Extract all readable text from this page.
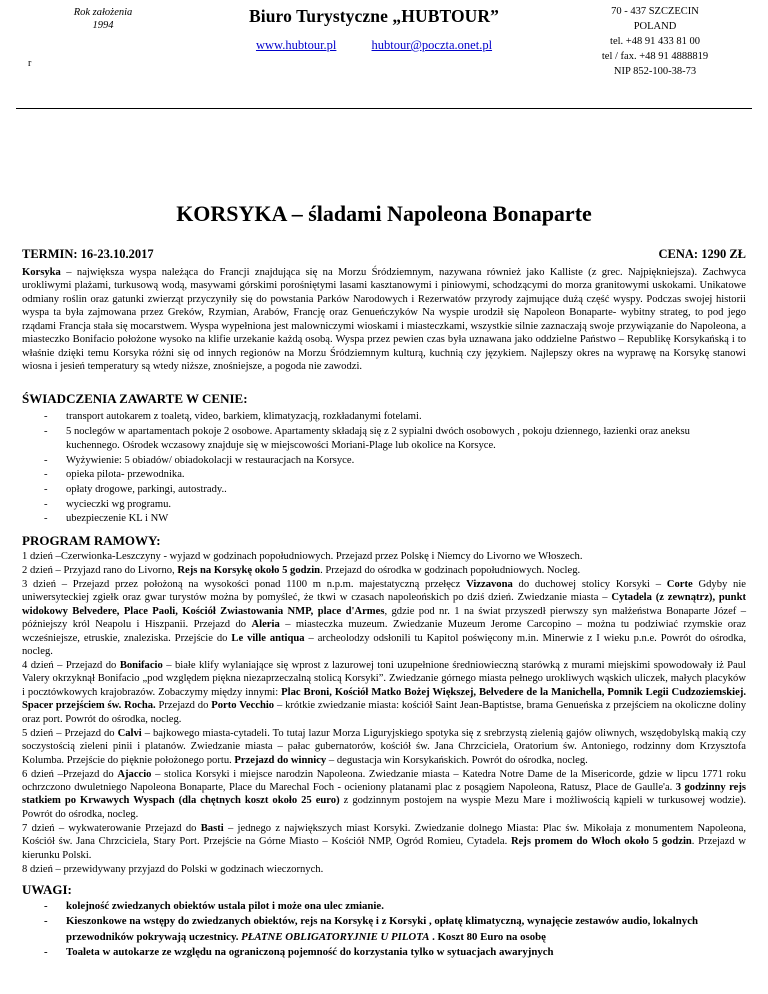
Rok założenia
1994
r
Biuro Turystyczne „HUBTOUR”
www.hubtour.pl	hubtour@poczta.onet.pl
70 - 437 SZCZECIN
POLAND
tel. +48 91 433 81 00
tel / fax. +48 91 4888819
NIP 852-100-38-73
KORSYKA – śladami Napoleona Bonaparte
TERMIN: 16-23.10.2017	CENA: 1290 ZŁ

Korsyka – największa wyspa należąca do Francji znajdująca się na Morzu Śródziemnym, nazywana również jako Kalliste (z grec. Najpiękniejsza). Zachwyca urokliwymi plażami, turkusową wodą, masywami górskimi porośniętymi lasami kasztanowymi i piniowymi, schodzącymi do morza granitowymi uskokami. Unikatowe odmiany roślin oraz gatunki zwierząt przyczyniły się do powstania Parków Narodowych i Rezerwatów przyrody zajmujące dużą część wyspy. Podczas swojej historii wyspa ta była zajmowana przez Greków, Rzymian, Arabów, Francję oraz Genueńczyków Na wyspie urodził się Napoleon Bonaparte- wybitny strateg, to pod jego rządami Francja stała się mocarstwem. Wyspa wypełniona jest malowniczymi wioskami i miasteczkami, wszystkie silnie zaznaczają swoje przywiązanie do Napoleona, a miasteczko Bonifacio położone wysoko na klifie urzekanie każdą osobą. Wyspa przez pewien czas była uznawana jako oddzielne Państwo – Republikę Korsykańską i to właśnie dzięki temu Korsyka różni się od innych regionów na Morzu Śródziemnym kulturą, kuchnią czy językiem. Najlepszy okres na wyprawę na Korsykę stanowi wiosna i jesień temperatury są wtedy niższe, znośniejsze, a pogoda nie zawodzi.

ŚWIADCZENIA ZAWARTE W CENIE:
- transport autokarem z toaletą, video, barkiem, klimatyzacją, rozkładanymi fotelami.
- 5 noclegów w apartamentach pokoje 2 osobowe. Apartamenty składają się z 2 sypialni dwóch osobowych , pokoju dziennego, łazienki oraz aneksu kuchennego. Ośrodek wczasowy znajduje się w miejscowości Moriani-Plage lub okolice na Korsyce.
- Wyżywienie: 5 obiadów/ obiadokolacji w restauracjach na Korsyce.
- opieka pilota- przewodnika.
- opłaty drogowe, parkingi, autostrady..
- wycieczki wg programu.
- ubezpieczenie KL i NW
PROGRAM RAMOWY:
1 dzień –Czerwionka-Leszczyny - wyjazd w godzinach popołudniowych. Przejazd przez Polskę i Niemcy do Livorno we Włoszech.
2 dzień – Przyjazd rano do Livorno, Rejs na Korsykę około 5 godzin. Przejazd do ośrodka w godzinach popołudniowych. Nocleg.
3 dzień – Przejazd przez położoną na wysokości ponad 1100 m n.p.m. majestatyczną przełęcz Vizzavona do duchowej stolicy Korsyki – Corte Gdyby nie uniwersyteckiej zgiełk oraz gwar turystów można by pomyśleć, że tkwi w czasach napoleońskich po dziś dzień. Zwiedzanie miasta – Cytadela (z zewnątrz), punkt widokowy Belvedere, Place Paoli, Kościół Zwiastowania NMP, place d'Armes, gdzie pod nr. 1 na świat przyszedł pierwszy syn małżeństwa Bonaparte Józef – późniejszy król Neapolu i Hiszpanii. Przejazd do Aleria – miasteczka muzeum. Zwiedzanie Muzeum Jerome Carcopino – można tu podziwiać rzymskie oraz wcześniejsze, etruskie, znaleziska. Przejście do Le ville antiqua – archeolodzy odsłonili tu Kapitol poświęcony m.in. Minerwie z I wieku p.n.e. Powrót do ośrodka, nocleg.
4 dzień – Przejazd do Bonifacio – białe klify wylaniające się wprost z lazurowej toni uzupełnione średniowieczną starówką z murami miejskimi spowodowały iż Paul Valery okrzyknął Bonifacio „pod względem piękna niezaprzeczalną stolicą Korsyki”. Zwiedzanie górnego miasta pełnego urokliwych wąskich uliczek, małych placyków i pocztówkowych krajobrazów. Zobaczymy między innymi: Plac Broni, Kościół Matko Bożej Większej, Belvedere de la Manichella, Pomnik Legii Cudzoziemskiej. Spacer przejściem św. Rocha. Przejazd do Porto Vecchio – krótkie zwiedzanie miasta: kościół Saint Jean-Baptistse, brama Genueńska z przejściem na okoliczne doliny oraz port. Powrót do ośrodka, nocleg.
5 dzień – Przejazd do Calvi – bajkowego miasta-cytadeli. To tutaj lazur Morza Liguryjskiego spotyka się z srebrzystą zielenią gajów oliwnych, wszędobylską makią czy soczystością zieleni pinii i platanów. Zwiedzanie miasta – pałac gubernatorów, kościół św. Jana Chrzciciela, Oratorium św. Antoniego, rodzinny dom Krzysztofa Kolumba. Przejście do pięknie położonego portu. Przejazd do winnicy – degustacja win Korsykańskich. Powrót do ośrodka, nocleg.
6 dzień –Przejazd do Ajaccio – stolica Korsyki i miejsce narodzin Napoleona. Zwiedzanie miasta – Katedra Notre Dame de la Misericorde, gdzie w lipcu 1771 roku ochrzczono dwuletniego Napoleona Bonaparte, Place du Marechal Foch - ocieniony platanami plac z posągiem Napoleona, Ratusz, Place de Gaulle'a. 3 godzinny rejs statkiem po Krwawych Wyspach (dla chętnych koszt około 25 euro) z godzinnym postojem na wyspie Mezu Mare i możliwością kąpieli w turkusowej wodzie). Powrót do ośrodka, nocleg.
7 dzień – wykwaterowanie Przejazd do Basti – jednego z największych miast Korsyki. Zwiedzanie dolnego Miasta: Plac św. Mikołaja z monumentem Napoleona, Kościół św. Jana Chrzciciela, Stary Port. Przejście na Górne Miasto – Kościół NMP, Ogród Romieu, Cytadela. Rejs promem do Włoch około 5 godzin. Przejazd w kierunku Polski.
8 dzień – przewidywany przyjazd do Polski w godzinach wieczornych.
UWAGI:
- kolejność zwiedzanych obiektów ustala pilot i może ona ulec zmianie.
- Kieszonkowe na wstępy do zwiedzanych obiektów, rejs na Korsykę i z Korsyki , opłatę klimatyczną, wynajęcie zestawów audio, lokalnych przewodników pokrywają uczestnicy. PŁATNE OBLIGATORYJNIE U PILOTA . Koszt 80 Euro na osobę
- Toaleta w autokarze ze względu na ograniczoną pojemność do korzystania tylko w sytuacjach awaryjnych
